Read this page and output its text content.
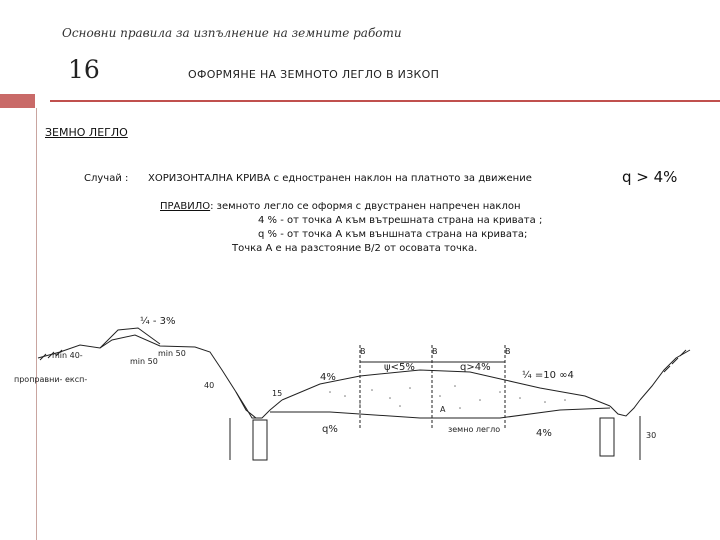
Основни правила за изпълнение на земните работи
16	ОФОРМЯНЕ НА ЗЕМНОТО ЛЕГЛО В ИЗКОП
ЗЕМНО ЛЕГЛО
Случай : ХОРИЗОНТАЛНА КРИВА с едностранен наклон на платното за движение	q > 4%
ПРАВИЛО: земното легло се оформя с двустранен напречен наклон
4 % - от точка А към вътрешната страна на кривата ;
q % - от точка А към външната страна на кривата;
Точка А е на разстояние В/2 от осовата точка.
¼ - 3%
min 50
min 50
min 40-
проправни- експ-
ψ<5%	q>4%
B
B	B
A
4%	¼ =10 ∞4
q%	4%
земно легло
40
15
30
